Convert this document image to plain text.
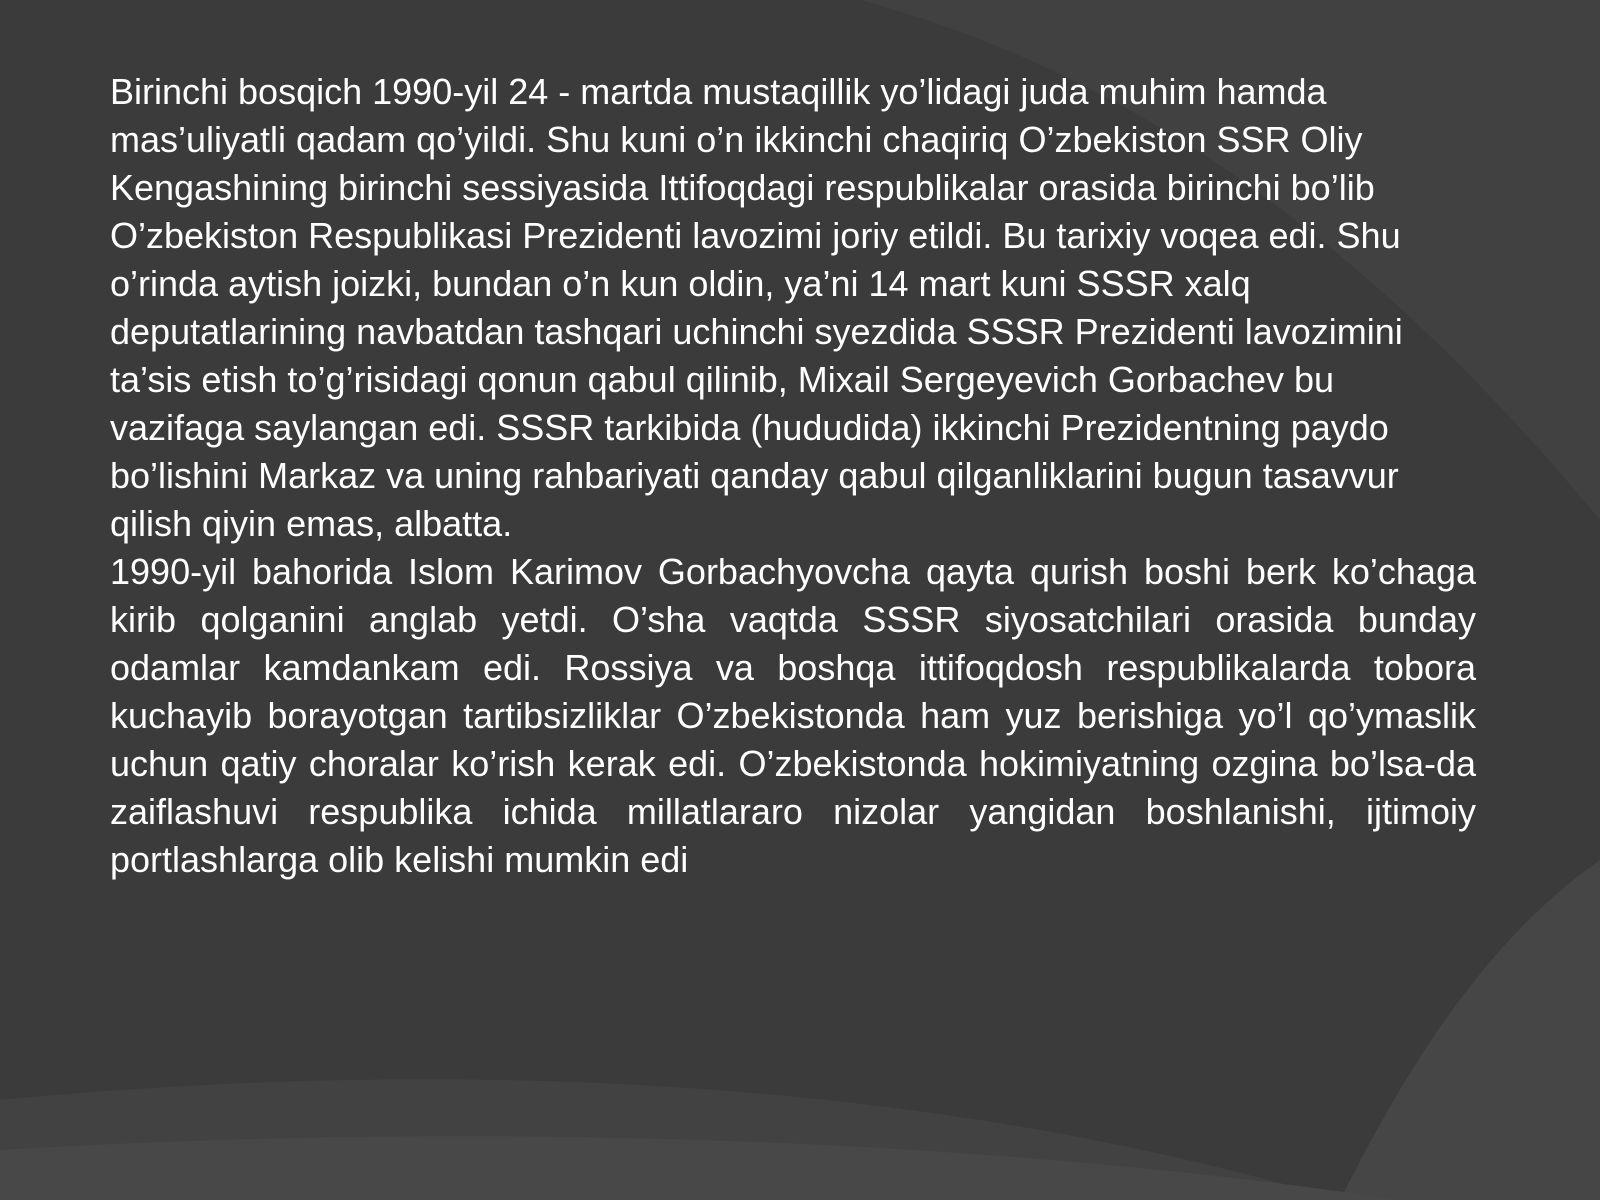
Birinchi bosqich 1990-yil 24 - martda mustaqillik yo’lidagi juda muhim hamda mas’uliyatli qadam qo’yildi. Shu kuni o’n ikkinchi chaqiriq O’zbekiston SSR Oliy Kengashining birinchi sessiyasida Ittifoqdagi respublikalar orasida birinchi bo’lib O’zbekiston Respublikasi Prezidenti lavozimi joriy etildi. Bu tarixiy voqea edi. Shu o’rinda aytish joizki, bundan o’n kun oldin, ya’ni 14 mart kuni SSSR xalq deputatlarining navbatdan tashqari uchinchi syezdida SSSR Prezidenti lavozimini ta’sis etish to’g’risidagi qonun qabul qilinib, Mixail Sergeyevich Gorbachev bu vazifaga saylangan edi. SSSR tarkibida (hududida) ikkinchi Prezidentning paydo bo’lishini Markaz va uning rahbariyati qanday qabul qilganliklarini bugun tasavvur qilish qiyin emas, albatta.

1990-yil bahorida Islom Karimov Gorbachyovcha qayta qurish boshi berk ko’chaga kirib qolganini anglab yetdi. O’sha vaqtda SSSR siyosatchilari orasida bunday odamlar kamdankam edi. Rossiya va boshqa ittifoqdosh respublikalarda tobora kuchayib borayotgan tartibsizliklar O’zbekistonda ham yuz berishiga yo’l qo’ymaslik uchun qatiy choralar ko’rish kerak edi. O’zbekistonda hokimiyatning ozgina bo’lsa-da zaiflashuvi respublika ichida millatlararo nizolar yangidan boshlanishi, ijtimoiy portlashlarga olib kelishi mumkin edi
